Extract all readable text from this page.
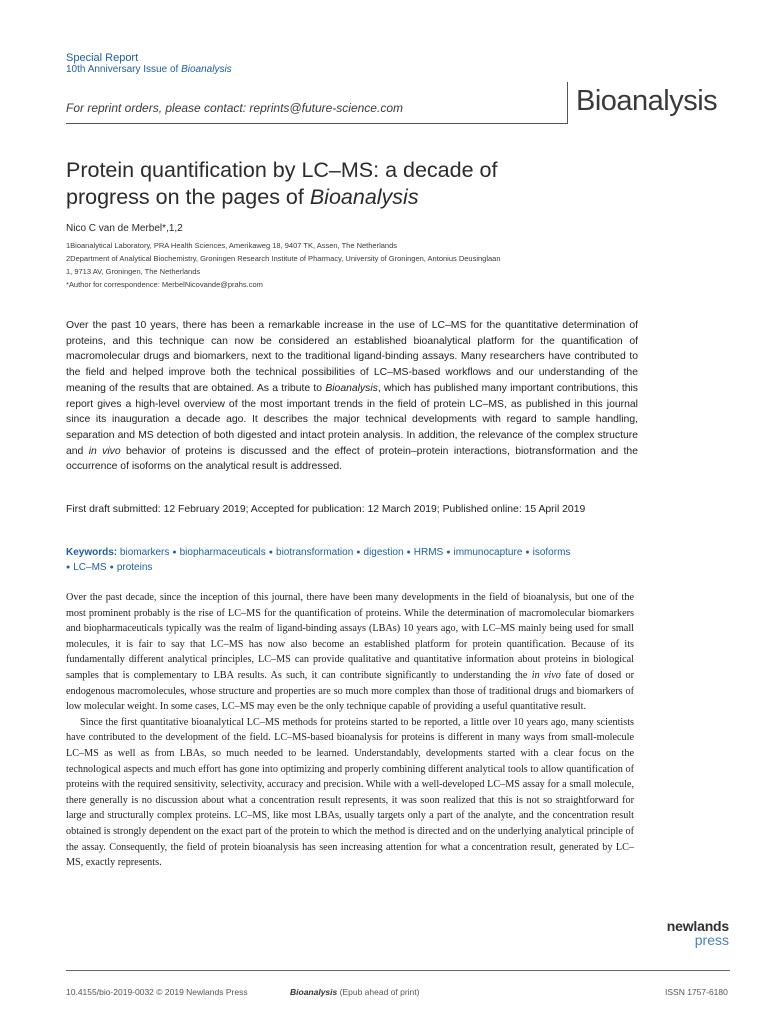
Special Report
10th Anniversary Issue of Bioanalysis
For reprint orders, please contact: reprints@future-science.com	Bioanalysis
Protein quantification by LC–MS: a decade of
progress on the pages of Bioanalysis
Nico C van de Merbel*,1,2
1Bioanalytical Laboratory, PRA Health Sciences, Amerikaweg 18, 9407 TK, Assen, The Netherlands
2Department of Analytical Biochemistry, Groningen Research Institute of Pharmacy, University of Groningen, Antonius Deusinglaan
1, 9713 AV, Groningen, The Netherlands
*Author for correspondence: MerbelNicovande@prahs.com
Over the past 10 years, there has been a remarkable increase in the use of LC–MS for the quantitative determination of proteins, and this technique can now be considered an established bioanalytical platform for the quantification of macromolecular drugs and biomarkers, next to the traditional ligand-binding assays. Many researchers have contributed to the field and helped improve both the technical possibilities of LC–MS-based workflows and our understanding of the meaning of the results that are obtained. As a tribute to Bioanalysis, which has published many important contributions, this report gives a high-level overview of the most important trends in the field of protein LC–MS, as published in this journal since its inauguration a decade ago. It describes the major technical developments with regard to sample handling, separation and MS detection of both digested and intact protein analysis. In addition, the relevance of the complex structure and in vivo behavior of proteins is discussed and the effect of protein–protein interactions, biotransformation and the occurrence of isoforms on the analytical result is addressed.
First draft submitted: 12 February 2019; Accepted for publication: 12 March 2019; Published online: 15 April 2019
Keywords: biomarkers ● biopharmaceuticals ● biotransformation ● digestion ● HRMS ● immunocapture ● isoforms
● LC–MS ● proteins

Over the past decade, since the inception of this journal, there have been many developments in the field of bioanalysis, but one of the most prominent probably is the rise of LC–MS for the quantification of proteins. While the determination of macromolecular biomarkers and biopharmaceuticals typically was the realm of ligand-binding assays (LBAs) 10 years ago, with LC–MS mainly being used for small molecules, it is fair to say that LC–MS has now also become an established platform for protein quantification. Because of its fundamentally different analytical principles, LC–MS can provide qualitative and quantitative information about proteins in biological samples that is complementary to LBA results. As such, it can contribute significantly to understanding the in vivo fate of dosed or endogenous macromolecules, whose structure and properties are so much more complex than those of traditional drugs and biomarkers of low molecular weight. In some cases, LC–MS may even be the only technique capable of providing a useful quantitative result.

Since the first quantitative bioanalytical LC–MS methods for proteins started to be reported, a little over 10 years ago, many scientists have contributed to the development of the field. LC–MS-based bioanalysis for proteins is different in many ways from small-molecule LC–MS as well as from LBAs, so much needed to be learned. Understandably, developments started with a clear focus on the technological aspects and much effort has gone into optimizing and properly combining different analytical tools to allow quantification of proteins with the required sensitivity, selectivity, accuracy and precision. While with a well-developed LC–MS assay for a small molecule, there generally is no discussion about what a concentration result represents, it was soon realized that this is not so straightforward for large and structurally complex proteins. LC–MS, like most LBAs, usually targets only a part of the analyte, and the concentration result obtained is strongly dependent on the exact part of the protein to which the method is directed and on the underlying analytical principle of the assay. Consequently, the field of protein bioanalysis has seen increasing attention for what a concentration result, generated by LC–MS, exactly represents.

newlands
press
10.4155/bio-2019-0032 © 2019 Newlands Press	Bioanalysis (Epub ahead of print)	ISSN 1757-6180
